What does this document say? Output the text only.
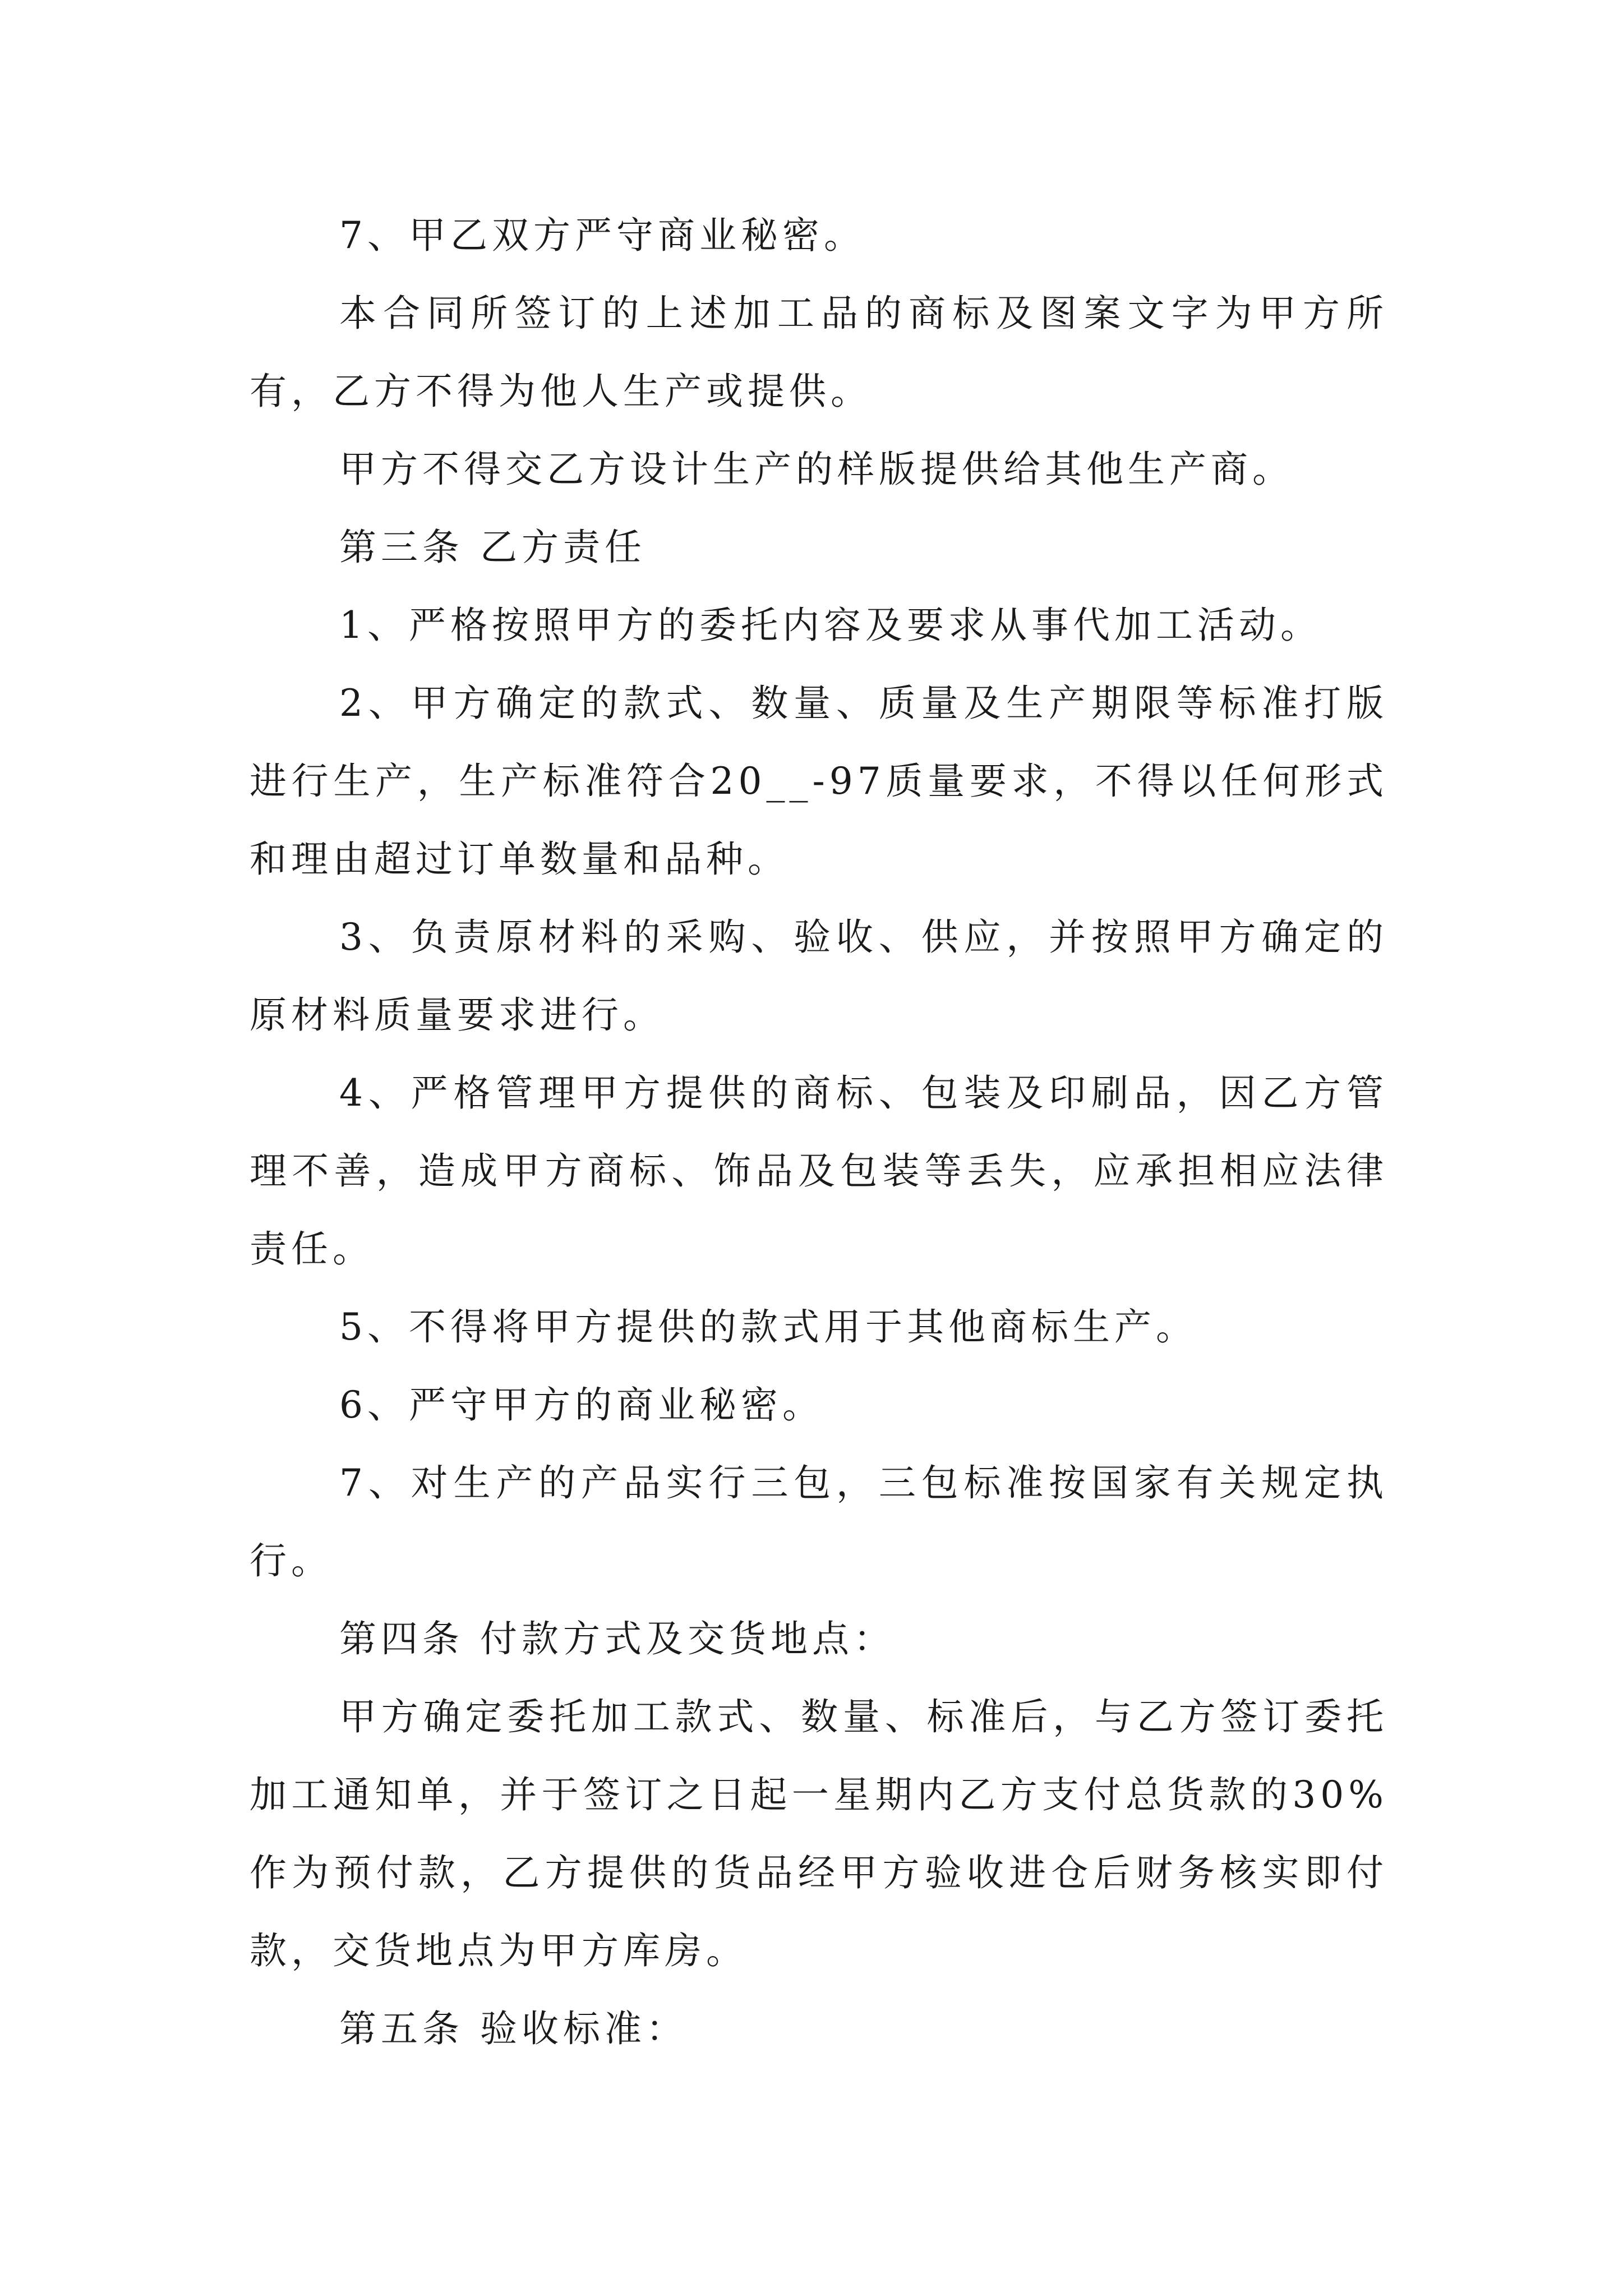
7、甲乙双方严守商业秘密。

本合同所签订的上述加工品的商标及图案文字为甲方所有，乙方不得为他人生产或提供。

甲方不得交乙方设计生产的样版提供给其他生产商。

第三条 乙方责任

1、严格按照甲方的委托内容及要求从事代加工活动。

2、甲方确定的款式、数量、质量及生产期限等标准打版进行生产，生产标准符合20__-97质量要求，不得以任何形式和理由超过订单数量和品种。

3、负责原材料的采购、验收、供应，并按照甲方确定的原材料质量要求进行。

4、严格管理甲方提供的商标、包装及印刷品，因乙方管理不善，造成甲方商标、饰品及包装等丢失，应承担相应法律责任。

5、不得将甲方提供的款式用于其他商标生产。

6、严守甲方的商业秘密。

7、对生产的产品实行三包，三包标准按国家有关规定执行。

第四条 付款方式及交货地点：

甲方确定委托加工款式、数量、标准后，与乙方签订委托加工通知单，并于签订之日起一星期内乙方支付总货款的30%作为预付款，乙方提供的货品经甲方验收进仓后财务核实即付款，交货地点为甲方库房。

第五条 验收标准：
